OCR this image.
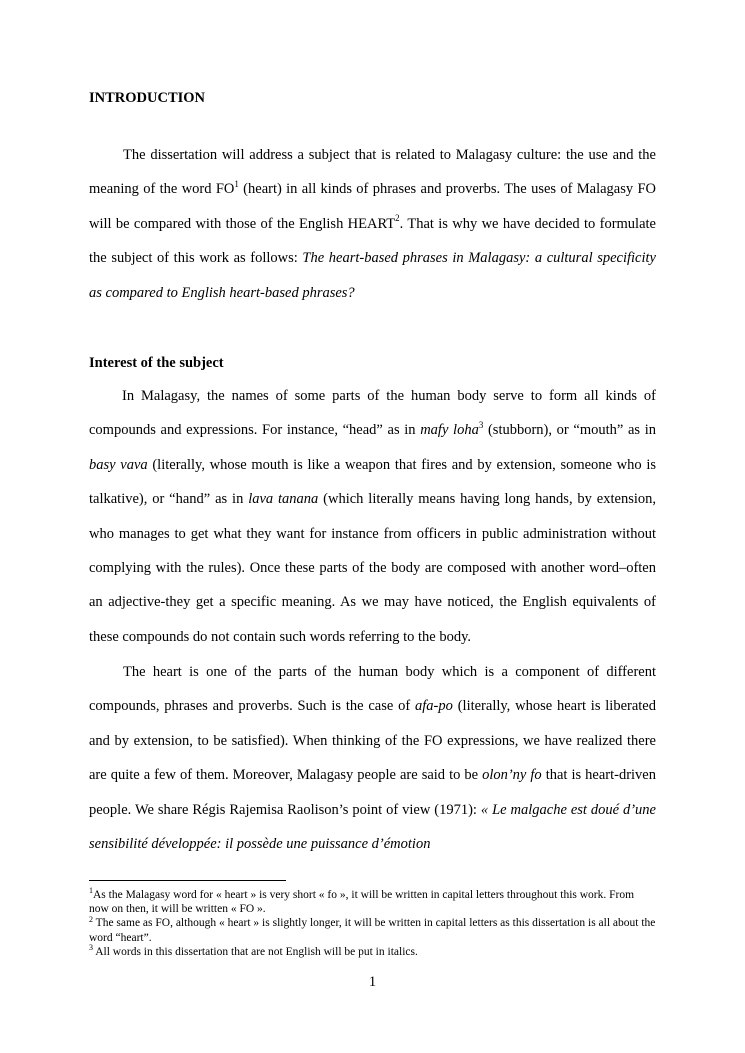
INTRODUCTION

The dissertation will address a subject that is related to Malagasy culture: the use and the meaning of the word $FO^1$ (heart) in all kinds of phrases and proverbs. The uses of Malagasy FO will be compared with those of the English HEART$^2$. That is why we have decided to formulate the subject of this work as follows: The heart-based phrases in Malagasy: a cultural specificity as compared to English heart-based phrases?

Interest of the subject

In Malagasy, the names of some parts of the human body serve to form all kinds of compounds and expressions. For instance, “head” as in mafy loha$^3$ (stubborn), or “mouth” as in basy vava (literally, whose mouth is like a weapon that fires and by extension, someone who is talkative), or “hand” as in lava tanana (which literally means having long hands, by extension, who manages to get what they want for instance from officers in public administration without complying with the rules). Once these parts of the body are composed with another word–often an adjective-they get a specific meaning. As we may have noticed, the English equivalents of these compounds do not contain such words referring to the body.

The heart is one of the parts of the human body which is a component of different compounds, phrases and proverbs. Such is the case of afa-po (literally, whose heart is liberated and by extension, to be satisfied). When thinking of the FO expressions, we have realized there are quite a few of them. Moreover, Malagasy people are said to be olon’ny fo that is heart-driven people. We share Régis Rajemisa Raolison’s point of view (1971): « Le malgache est doué d’une sensibilité développée: il possède une puissance d’émotion

$^1$As the Malagasy word for « heart » is very short « fo », it will be written in capital letters throughout this work. From now on then, it will be written « FO ».

$^2$ The same as FO, although « heart » is slightly longer, it will be written in capital letters as this dissertation is all about the word “heart”.

$^3$ All words in this dissertation that are not English will be put in italics.

1
